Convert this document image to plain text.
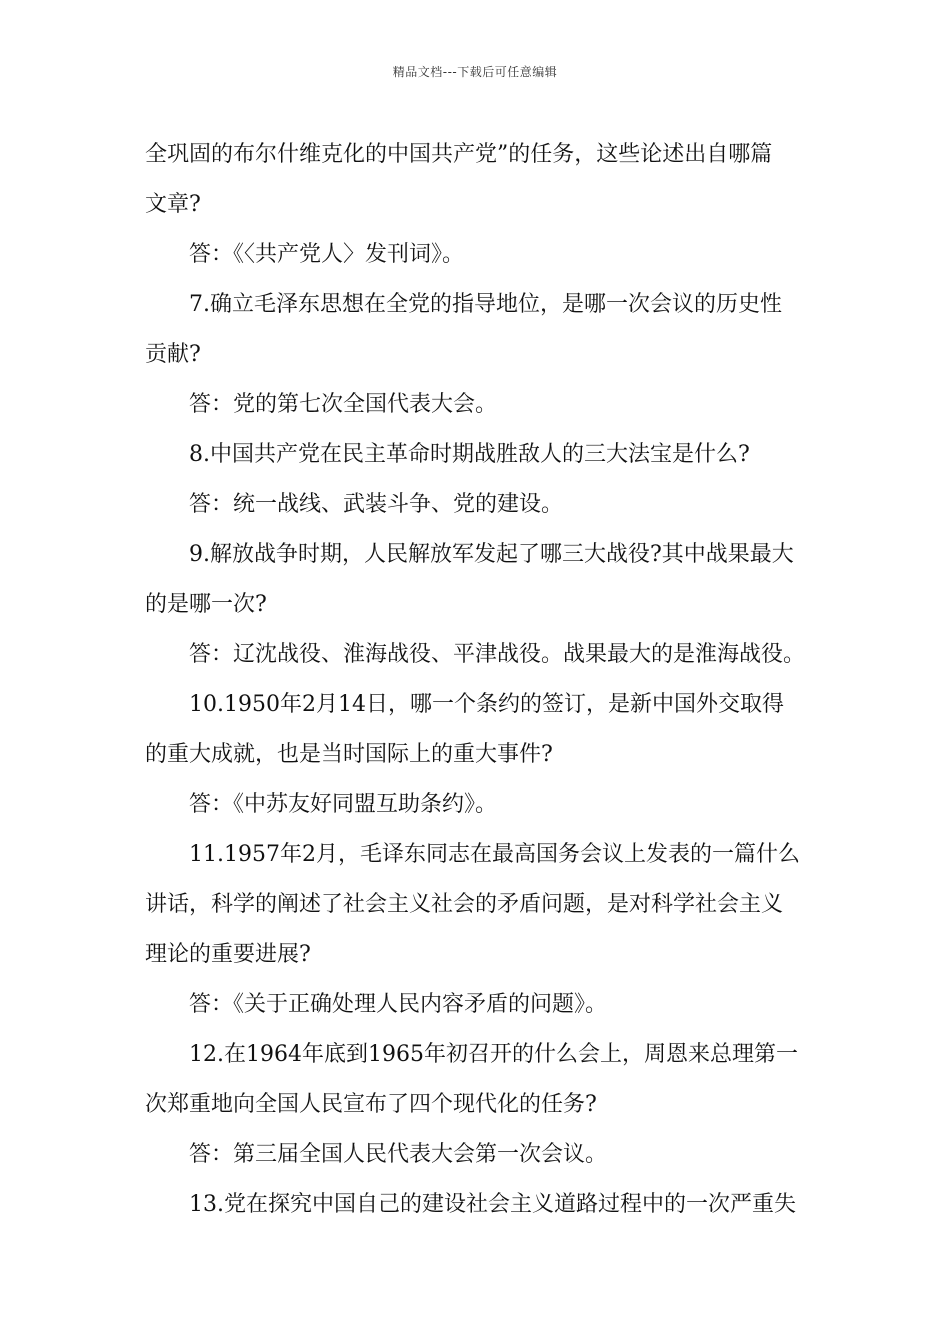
精品文档---下载后可任意编辑
全巩固的布尔什维克化的中国共产党”的任务，这些论述出自哪篇
文章?
答：《〈共产党人〉发刊词》。
7.确立毛泽东思想在全党的指导地位，是哪一次会议的历史性
贡献?
答：党的第七次全国代表大会。
8.中国共产党在民主革命时期战胜敌人的三大法宝是什么?
答：统一战线、武装斗争、党的建设。
9.解放战争时期，人民解放军发起了哪三大战役?其中战果最大
的是哪一次?
答：辽沈战役、淮海战役、平津战役。战果最大的是淮海战役。
10.1950年2月14日，哪一个条约的签订，是新中国外交取得
的重大成就，也是当时国际上的重大事件?
答：《中苏友好同盟互助条约》。
11.1957年2月，毛译东同志在最高国务会议上发表的一篇什么
讲话，科学的阐述了社会主义社会的矛盾问题，是对科学社会主义
理论的重要进展?
答：《关于正确处理人民内容矛盾的问题》。
12.在1964年底到1965年初召开的什么会上，周恩来总理第一
次郑重地向全国人民宣布了四个现代化的任务?
答：第三届全国人民代表大会第一次会议。
13.党在探究中国自己的建设社会主义道路过程中的一次严重失
